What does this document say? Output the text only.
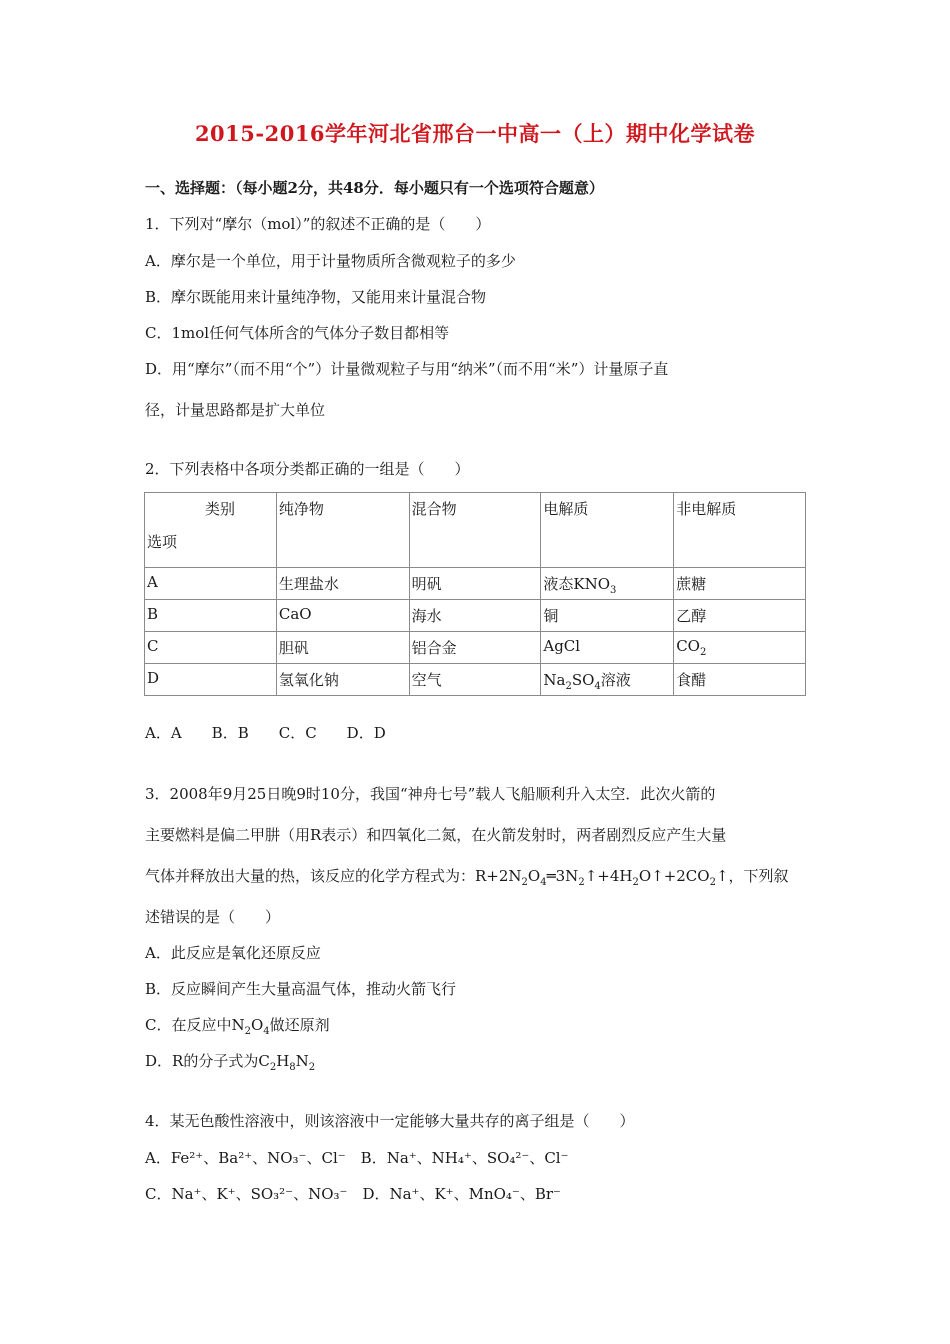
2015-2016学年河北省邢台一中高一（上）期中化学试卷
一、选择题：（每小题2分，共48分．每小题只有一个选项符合题意）
1．下列对“摩尔（mol）”的叙述不正确的是（　　）
A．摩尔是一个单位，用于计量物质所含微观粒子的多少
B．摩尔既能用来计量纯净物，又能用来计量混合物
C．1mol任何气体所含的气体分子数目都相等
D．用“摩尔”（而不用“个”）计量微观粒子与用“纳米”（而不用“米”）计量原子直
径，计量思路都是扩大单位
2．下列表格中各项分类都正确的一组是（　　）
类别
选项	纯净物	混合物	电解质	非电解质
A	生理盐水	明矾	液态$KNO_3$	蔗糖
B	CaO	海水	铜	乙醇
C	胆矾	铝合金	AgCl	$CO_2$
D	氢氧化钠	空气	$Na_2SO_4$溶液	食醋
A．A　　B．B　　C．C　　D．D
3．2008年9月25日晚9时10分，我国“神舟七号”载人飞船顺利升入太空．此次火箭的
主要燃料是偏二甲肼（用R表示）和四氧化二氮，在火箭发射时，两者剧烈反应产生大量
气体并释放出大量的热，该反应的化学方程式为：$R+2N_2O_4═3N_2↑+4H_2O↑+2CO_2↑$，下列叙
述错误的是（　　）
A．此反应是氧化还原反应
B．反应瞬间产生大量高温气体，推动火箭飞行
C．在反应中$N_2O_4$做还原剂
D．R的分子式为$C_2H_8N_2$
4．某无色酸性溶液中，则该溶液中一定能够大量共存的离子组是（　　）
A．Fe²⁺、Ba²⁺、NO₃⁻、Cl⁻　B．Na⁺、NH₄⁺、SO₄²⁻、Cl⁻
C．Na⁺、K⁺、SO₃²⁻、NO₃⁻　D．Na⁺、K⁺、MnO₄⁻、Br⁻
